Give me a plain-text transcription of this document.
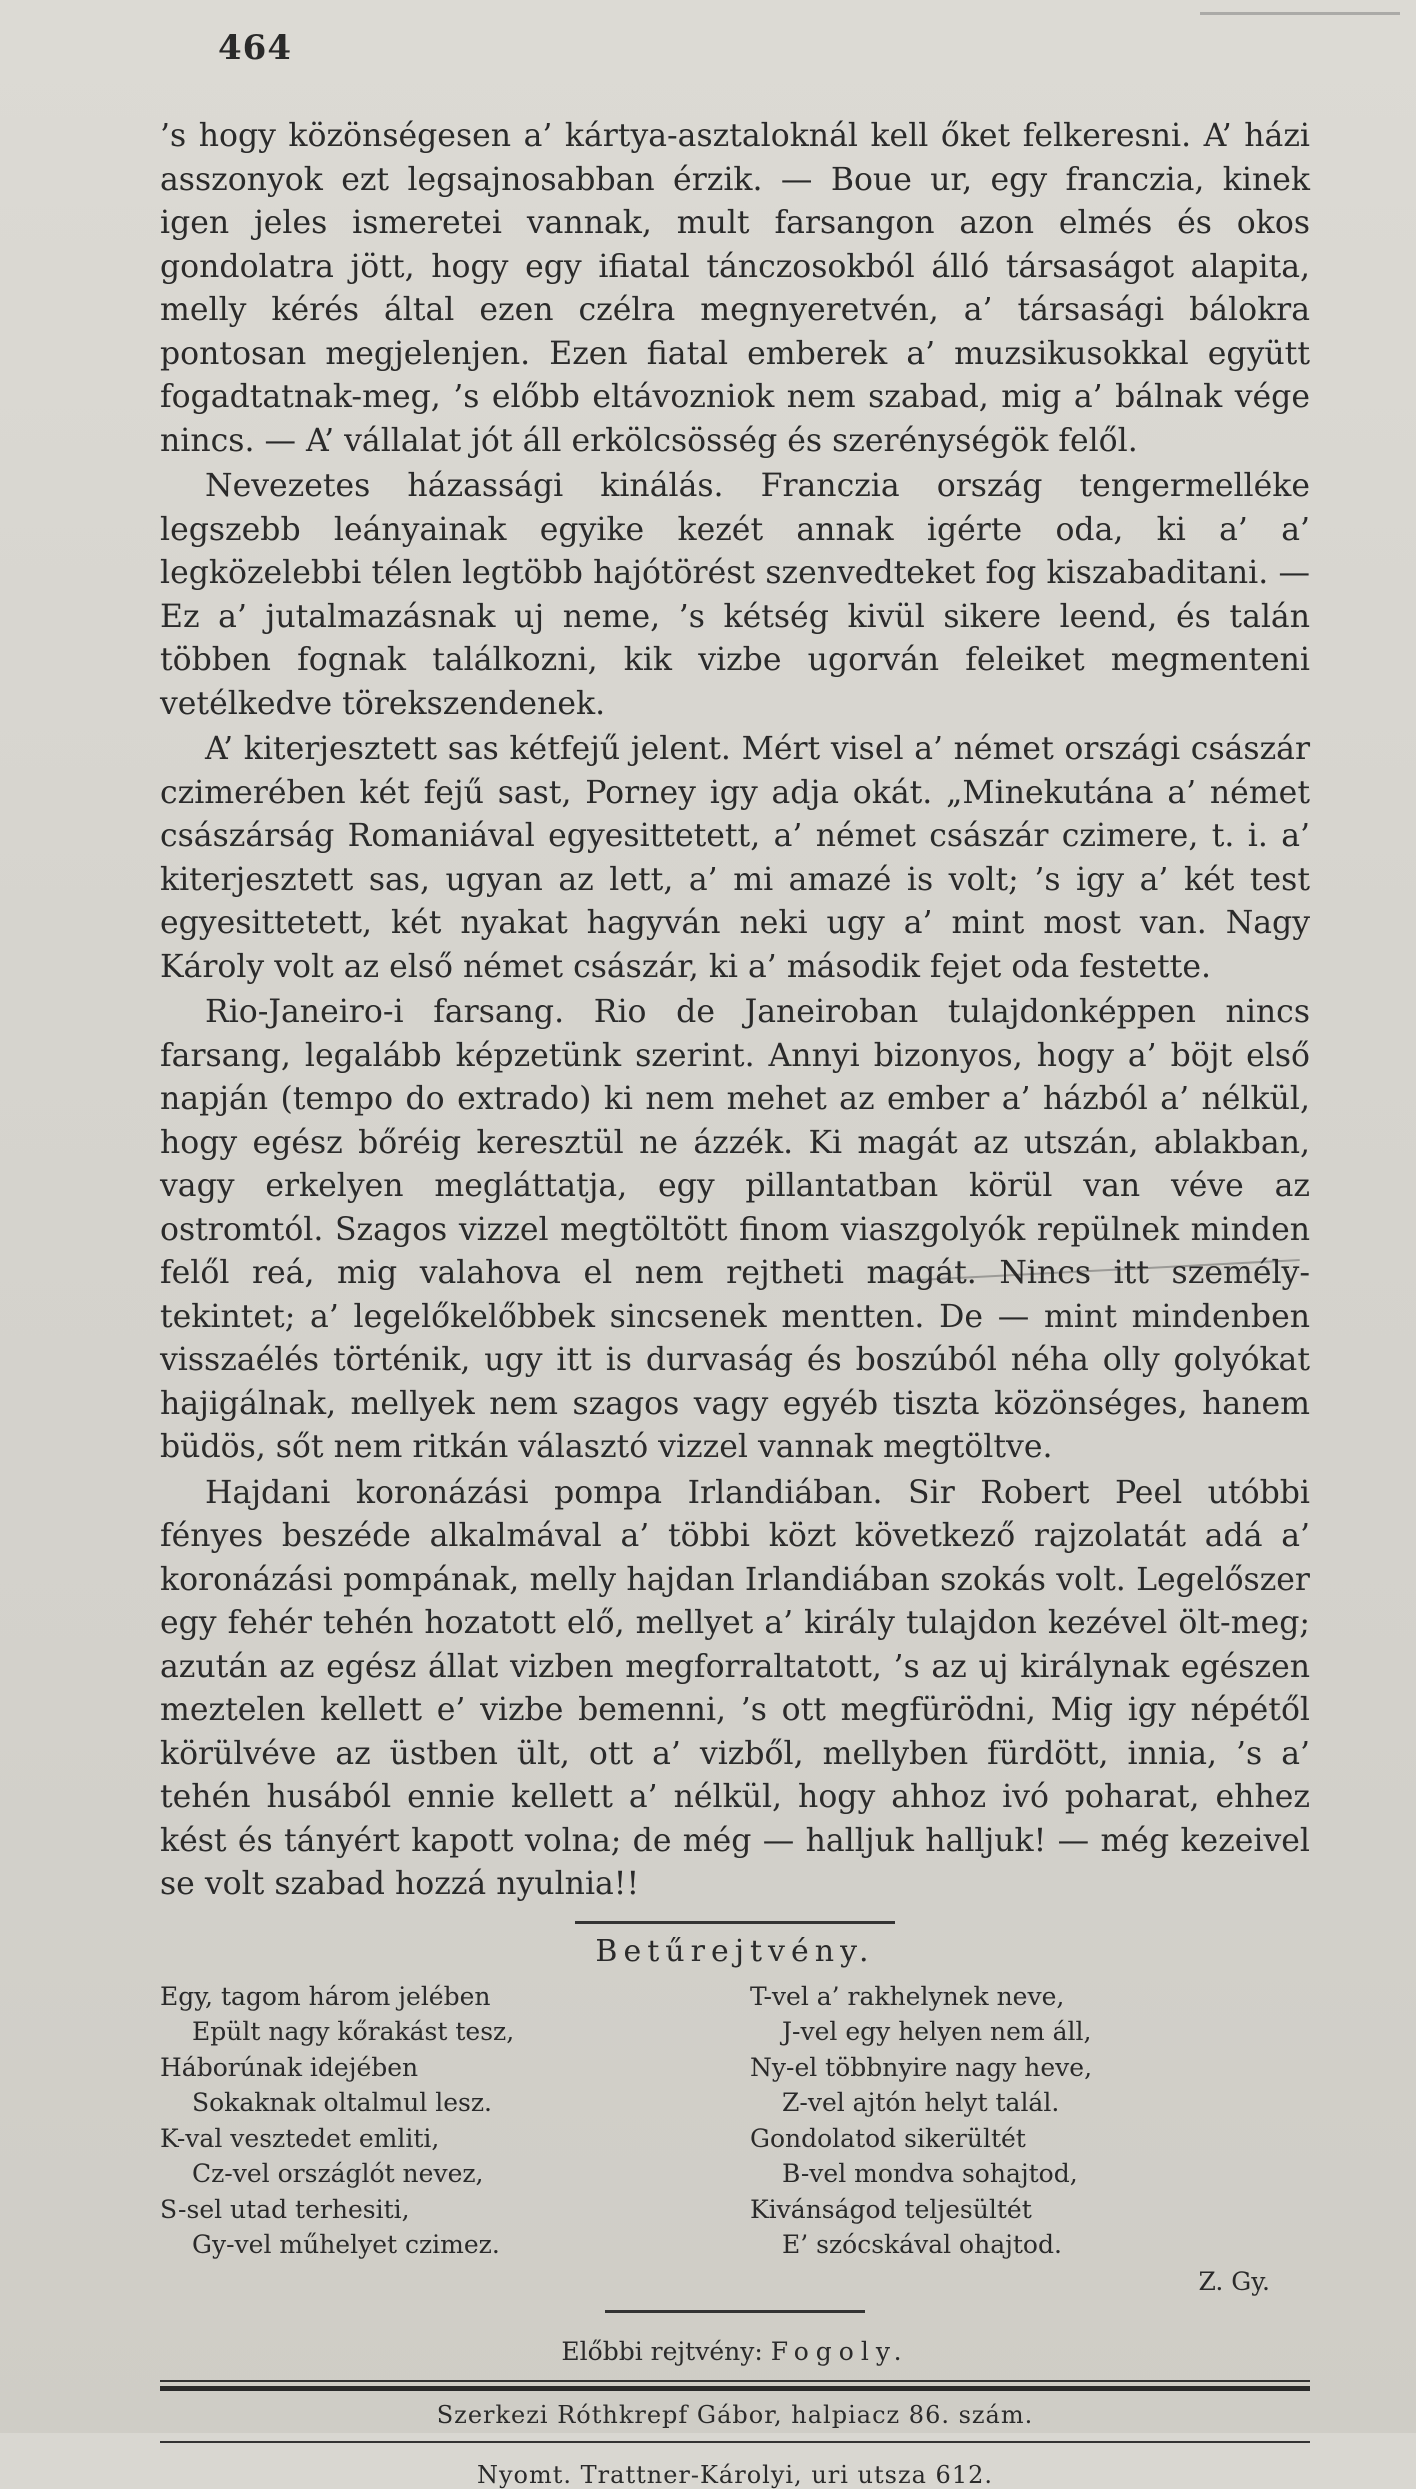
464

’s hogy közönségesen a’ kártya-asztaloknál kell őket felkeresni. A’ házi asszonyok ezt legsajnosabban érzik. — Boue ur, egy franczia, kinek igen jeles ismeretei vannak, mult farsangon azon elmés és okos gondolatra jött, hogy egy ifiatal tánczosokból álló társaságot alapita, melly kérés által ezen czélra megnyeretvén, a’ társasági bálokra pontosan megjelenjen. Ezen fiatal emberek a’ muzsikusokkal együtt fogadtatnak-meg, ’s előbb eltávozniok nem szabad, mig a’ bálnak vége nincs. — A’ vállalat jót áll erkölcsösség és szerénységök felől.

Nevezetes házassági kinálás. Franczia ország tengermelléke legszebb leányainak egyike kezét annak igérte oda, ki a’ a’ legközelebbi télen legtöbb hajótörést szenvedteket fog kiszabaditani. — Ez a’ jutalmazásnak uj neme, ’s kétség kivül sikere leend, és talán többen fognak találkozni, kik vizbe ugorván feleiket megmenteni vetélkedve törekszendenek.

A’ kiterjesztett sas kétfejű jelent. Mért visel a’ német országi császár czimerében két fejű sast, Porney igy adja okát. „Minekutána a’ német császárság Romaniával egyesittetett, a’ német császár czimere, t. i. a’ kiterjesztett sas, ugyan az lett, a’ mi amazé is volt; ’s igy a’ két test egyesittetett, két nyakat hagyván neki ugy a’ mint most van. Nagy Károly volt az első német császár, ki a’ második fejet oda festette.

Rio-Janeiro-i farsang. Rio de Janeiroban tulajdonképpen nincs farsang, legalább képzetünk szerint. Annyi bizonyos, hogy a’ böjt első napján (tempo do extrado) ki nem mehet az ember a’ házból a’ nélkül, hogy egész bőréig keresztül ne ázzék. Ki magát az utszán, ablakban, vagy erkelyen megláttatja, egy pillantatban körül van véve az ostromtól. Szagos vizzel megtöltött finom viaszgolyók repülnek minden felől reá, mig valahova el nem rejtheti magát. Nincs itt személy-tekintet; a’ legelőkelőbbek sincsenek mentten. De — mint mindenben visszaélés történik, ugy itt is durvaság és boszúból néha olly golyókat hajigálnak, mellyek nem szagos vagy egyéb tiszta közönséges, hanem büdös, sőt nem ritkán választó vizzel vannak megtöltve.

Hajdani koronázási pompa Irlandiában. Sir Robert Peel utóbbi fényes beszéde alkalmával a’ többi közt következő rajzolatát adá a’ koronázási pompának, melly hajdan Irlandiában szokás volt. Legelőszer egy fehér tehén hozatott elő, mellyet a’ király tulajdon kezével ölt-meg; azután az egész állat vizben megforraltatott, ’s az uj királynak egészen meztelen kellett e’ vizbe bemenni, ’s ott megfürödni, Mig igy népétől körülvéve az üstben ült, ott a’ vizből, mellyben fürdött, innia, ’s a’ tehén husából ennie kellett a’ nélkül, hogy ahhoz ivó poharat, ehhez kést és tányért kapott volna; de még — halljuk halljuk! — még kezeivel se volt szabad hozzá nyulnia!!

Betűrejtvény.
Egy, tagom három jelében
Epült nagy kőrakást tesz,
Háborúnak idejében
Sokaknak oltalmul lesz.
K-val vesztedet emliti,
Cz-vel országlót nevez,
S-sel utad terhesiti,
Gy-vel műhelyet czimez.
T-vel a’ rakhelynek neve,
J-vel egy helyen nem áll,
Ny-el többnyire nagy heve,
Z-vel ajtón helyt talál.
Gondolatod sikerültét
B-vel mondva sohajtod,
Kivánságod teljesültét
E’ szócskával ohajtod.
Z. Gy.
Előbbi rejtvény: Fogoly.
Szerkezi Róthkrepf Gábor, halpiacz 86. szám.
Nyomt. Trattner-Károlyi, uri utsza 612.
